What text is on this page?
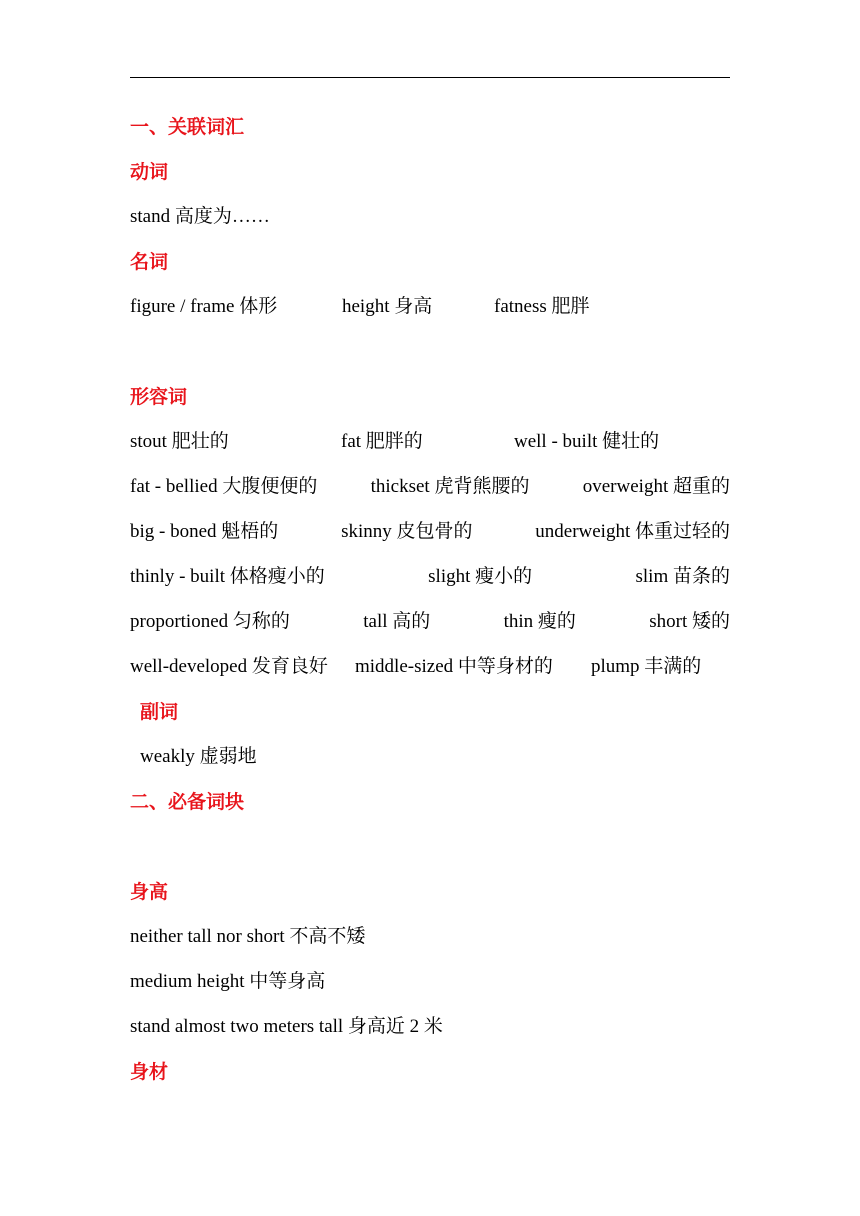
一、关联词汇
动词
stand 高度为……
名词
figure / frame 体形	height 身高	fatness 肥胖
形容词
stout 肥壮的	fat 肥胖的	well - built 健壮的
fat - bellied 大腹便便的	thickset 虎背熊腰的	overweight 超重的
big - boned 魁梧的	skinny 皮包骨的	underweight 体重过轻的
thinly - built 体格瘦小的	slight 瘦小的	slim 苗条的
proportioned 匀称的	tall 高的	thin 瘦的	short 矮的
well-developed 发育良好 middle-sized 中等身材的 plump 丰满的
副词
weakly 虚弱地
二、必备词块
身高
neither tall nor short 不高不矮
medium height 中等身高
stand almost two meters tall 身高近 2 米
身材
